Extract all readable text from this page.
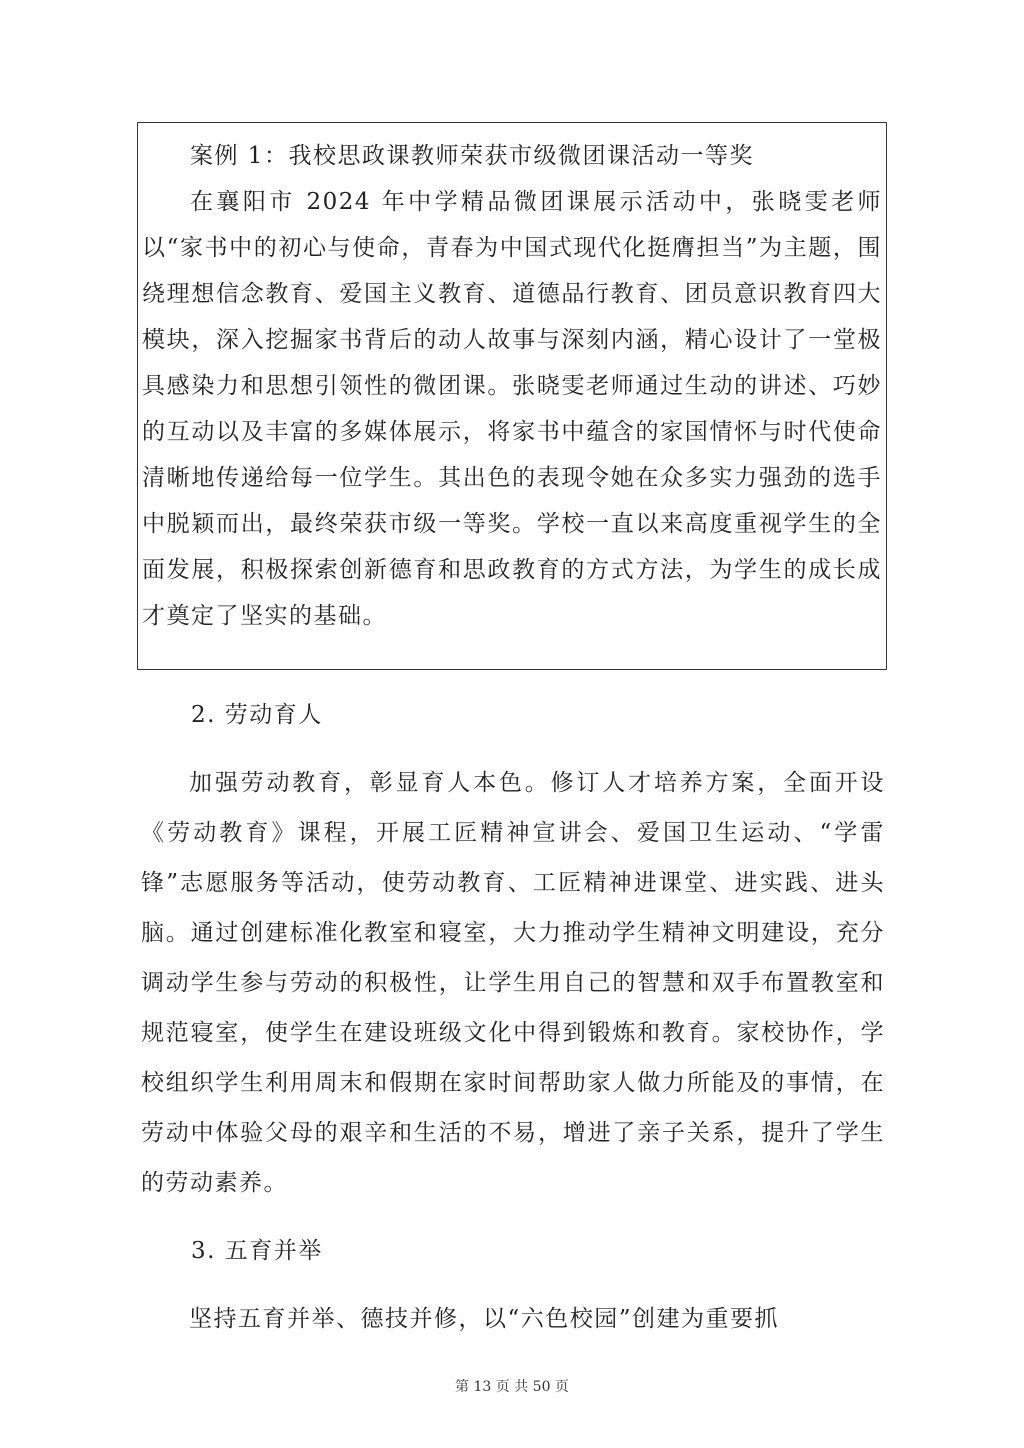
案例 1：我校思政课教师荣获市级微团课活动一等奖

在襄阳市 2024 年中学精品微团课展示活动中，张晓雯老师以“家书中的初心与使命，青春为中国式现代化挺膺担当”为主题，围绕理想信念教育、爱国主义教育、道德品行教育、团员意识教育四大模块，深入挖掘家书背后的动人故事与深刻内涵，精心设计了一堂极具感染力和思想引领性的微团课。张晓雯老师通过生动的讲述、巧妙的互动以及丰富的多媒体展示，将家书中蕴含的家国情怀与时代使命清晰地传递给每一位学生。其出色的表现令她在众多实力强劲的选手中脱颖而出，最终荣获市级一等奖。学校一直以来高度重视学生的全面发展，积极探索创新德育和思政教育的方式方法，为学生的成长成才奠定了坚实的基础。

2. 劳动育人

加强劳动教育，彰显育人本色。修订人才培养方案，全面开设《劳动教育》课程，开展工匠精神宣讲会、爱国卫生运动、“学雷锋”志愿服务等活动，使劳动教育、工匠精神进课堂、进实践、进头脑。通过创建标准化教室和寝室，大力推动学生精神文明建设，充分调动学生参与劳动的积极性，让学生用自己的智慧和双手布置教室和规范寝室，使学生在建设班级文化中得到锻炼和教育。家校协作，学校组织学生利用周末和假期在家时间帮助家人做力所能及的事情，在劳动中体验父母的艰辛和生活的不易，增进了亲子关系，提升了学生的劳动素养。

3. 五育并举

坚持五育并举、德技并修，以“六色校园”创建为重要抓

第 13 页 共 50 页
